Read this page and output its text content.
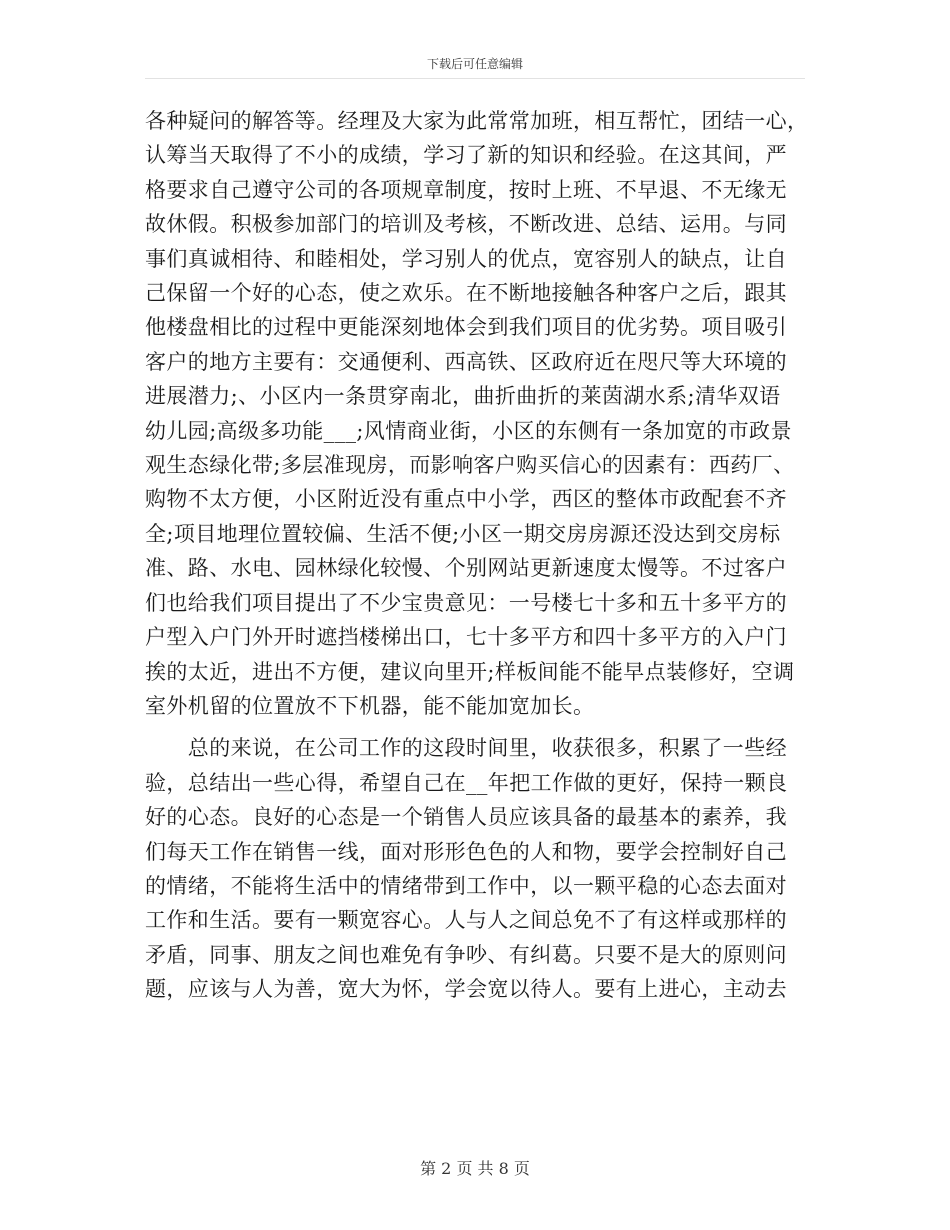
下载后可任意编辑
各种疑问的解答等。经理及大家为此常常加班，相互帮忙，团结一心，
认筹当天取得了不小的成绩，学习了新的知识和经验。在这其间，严
格要求自己遵守公司的各项规章制度，按时上班、不早退、不无缘无
故休假。积极参加部门的培训及考核，不断改进、总结、运用。与同
事们真诚相待、和睦相处，学习别人的优点，宽容别人的缺点，让自
己保留一个好的心态，使之欢乐。在不断地接触各种客户之后，跟其
他楼盘相比的过程中更能深刻地体会到我们项目的优劣势。项目吸引
客户的地方主要有：交通便利、西高铁、区政府近在咫尺等大环境的
进展潜力;、小区内一条贯穿南北，曲折曲折的莱茵湖水系;清华双语
幼儿园;高级多功能___;风情商业街，小区的东侧有一条加宽的市政景
观生态绿化带;多层准现房，而影响客户购买信心的因素有：西药厂、
购物不太方便，小区附近没有重点中小学，西区的整体市政配套不齐
全;项目地理位置较偏、生活不便;小区一期交房房源还没达到交房标
准、路、水电、园林绿化较慢、个别网站更新速度太慢等。不过客户
们也给我们项目提出了不少宝贵意见：一号楼七十多和五十多平方的
户型入户门外开时遮挡楼梯出口，七十多平方和四十多平方的入户门
挨的太近，进出不方便，建议向里开;样板间能不能早点装修好，空调
室外机留的位置放不下机器，能不能加宽加长。
　　总的来说，在公司工作的这段时间里，收获很多，积累了一些经
验，总结出一些心得，希望自己在__年把工作做的更好，保持一颗良
好的心态。良好的心态是一个销售人员应该具备的最基本的素养，我
们每天工作在销售一线，面对形形色色的人和物，要学会控制好自己
的情绪，不能将生活中的情绪带到工作中，以一颗平稳的心态去面对
工作和生活。要有一颗宽容心。人与人之间总免不了有这样或那样的
矛盾，同事、朋友之间也难免有争吵、有纠葛。只要不是大的原则问
题，应该与人为善，宽大为怀，学会宽以待人。要有上进心，主动去
第 2 页 共 8 页
